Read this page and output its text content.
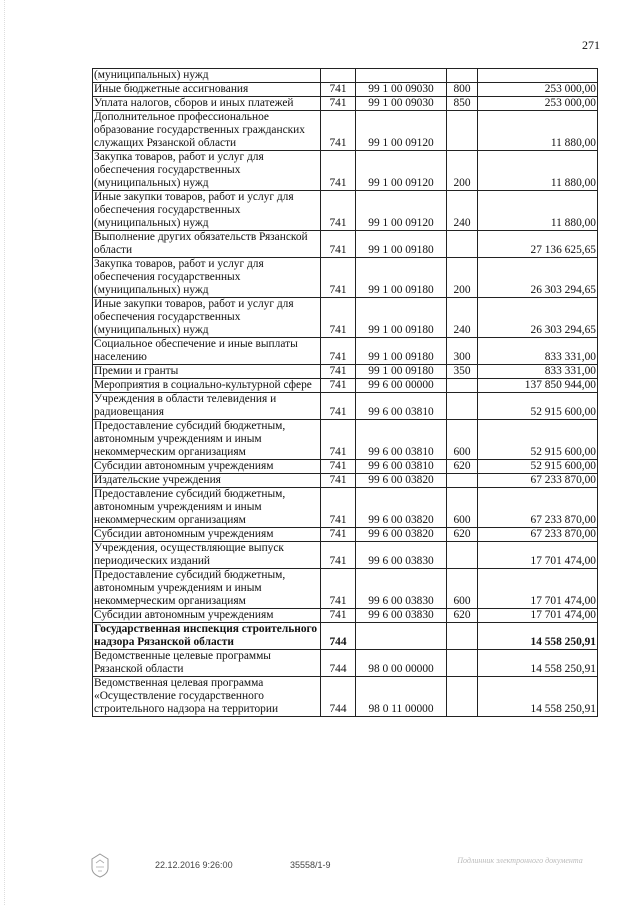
271
(муниципальных) нужд				
Иные бюджетные ассигнования	741	99 1 00 09030	800	253 000,00
Уплата налогов, сборов и иных платежей	741	99 1 00 09030	850	253 000,00
Дополнительное профессиональное образование государственных гражданских служащих Рязанской области	741	99 1 00 09120		11 880,00
Закупка товаров, работ и услуг для обеспечения государственных (муниципальных) нужд	741	99 1 00 09120	200	11 880,00
Иные закупки товаров, работ и услуг для обеспечения государственных (муниципальных) нужд	741	99 1 00 09120	240	11 880,00
Выполнение других обязательств Рязанской области	741	99 1 00 09180		27 136 625,65
Закупка товаров, работ и услуг для обеспечения государственных (муниципальных) нужд	741	99 1 00 09180	200	26 303 294,65
Иные закупки товаров, работ и услуг для обеспечения государственных (муниципальных) нужд	741	99 1 00 09180	240	26 303 294,65
Социальное обеспечение и иные выплаты населению	741	99 1 00 09180	300	833 331,00
Премии и гранты	741	99 1 00 09180	350	833 331,00
Мероприятия в социально-культурной сфере	741	99 6 00 00000		137 850 944,00
Учреждения в области телевидения и радиовещания	741	99 6 00 03810		52 915 600,00
Предоставление субсидий бюджетным, автономным учреждениям и иным некоммерческим организациям	741	99 6 00 03810	600	52 915 600,00
Субсидии автономным учреждениям	741	99 6 00 03810	620	52 915 600,00
Издательские учреждения	741	99 6 00 03820		67 233 870,00
Предоставление субсидий бюджетным, автономным учреждениям и иным некоммерческим организациям	741	99 6 00 03820	600	67 233 870,00
Субсидии автономным учреждениям	741	99 6 00 03820	620	67 233 870,00
Учреждения, осуществляющие выпуск периодических изданий	741	99 6 00 03830		17 701 474,00
Предоставление субсидий бюджетным, автономным учреждениям и иным некоммерческим организациям	741	99 6 00 03830	600	17 701 474,00
Субсидии автономным учреждениям	741	99 6 00 03830	620	17 701 474,00
Государственная инспекция строительного надзора Рязанской области	744			14 558 250,91
Ведомственные целевые программы Рязанской области	744	98 0 00 00000		14 558 250,91
Ведомственная целевая программа «Осуществление государственного строительного надзора на территории	744	98 0 11 00000		14 558 250,91
22.12.2016 9:26:00	35558/1-9	Подлинник электронного документа
